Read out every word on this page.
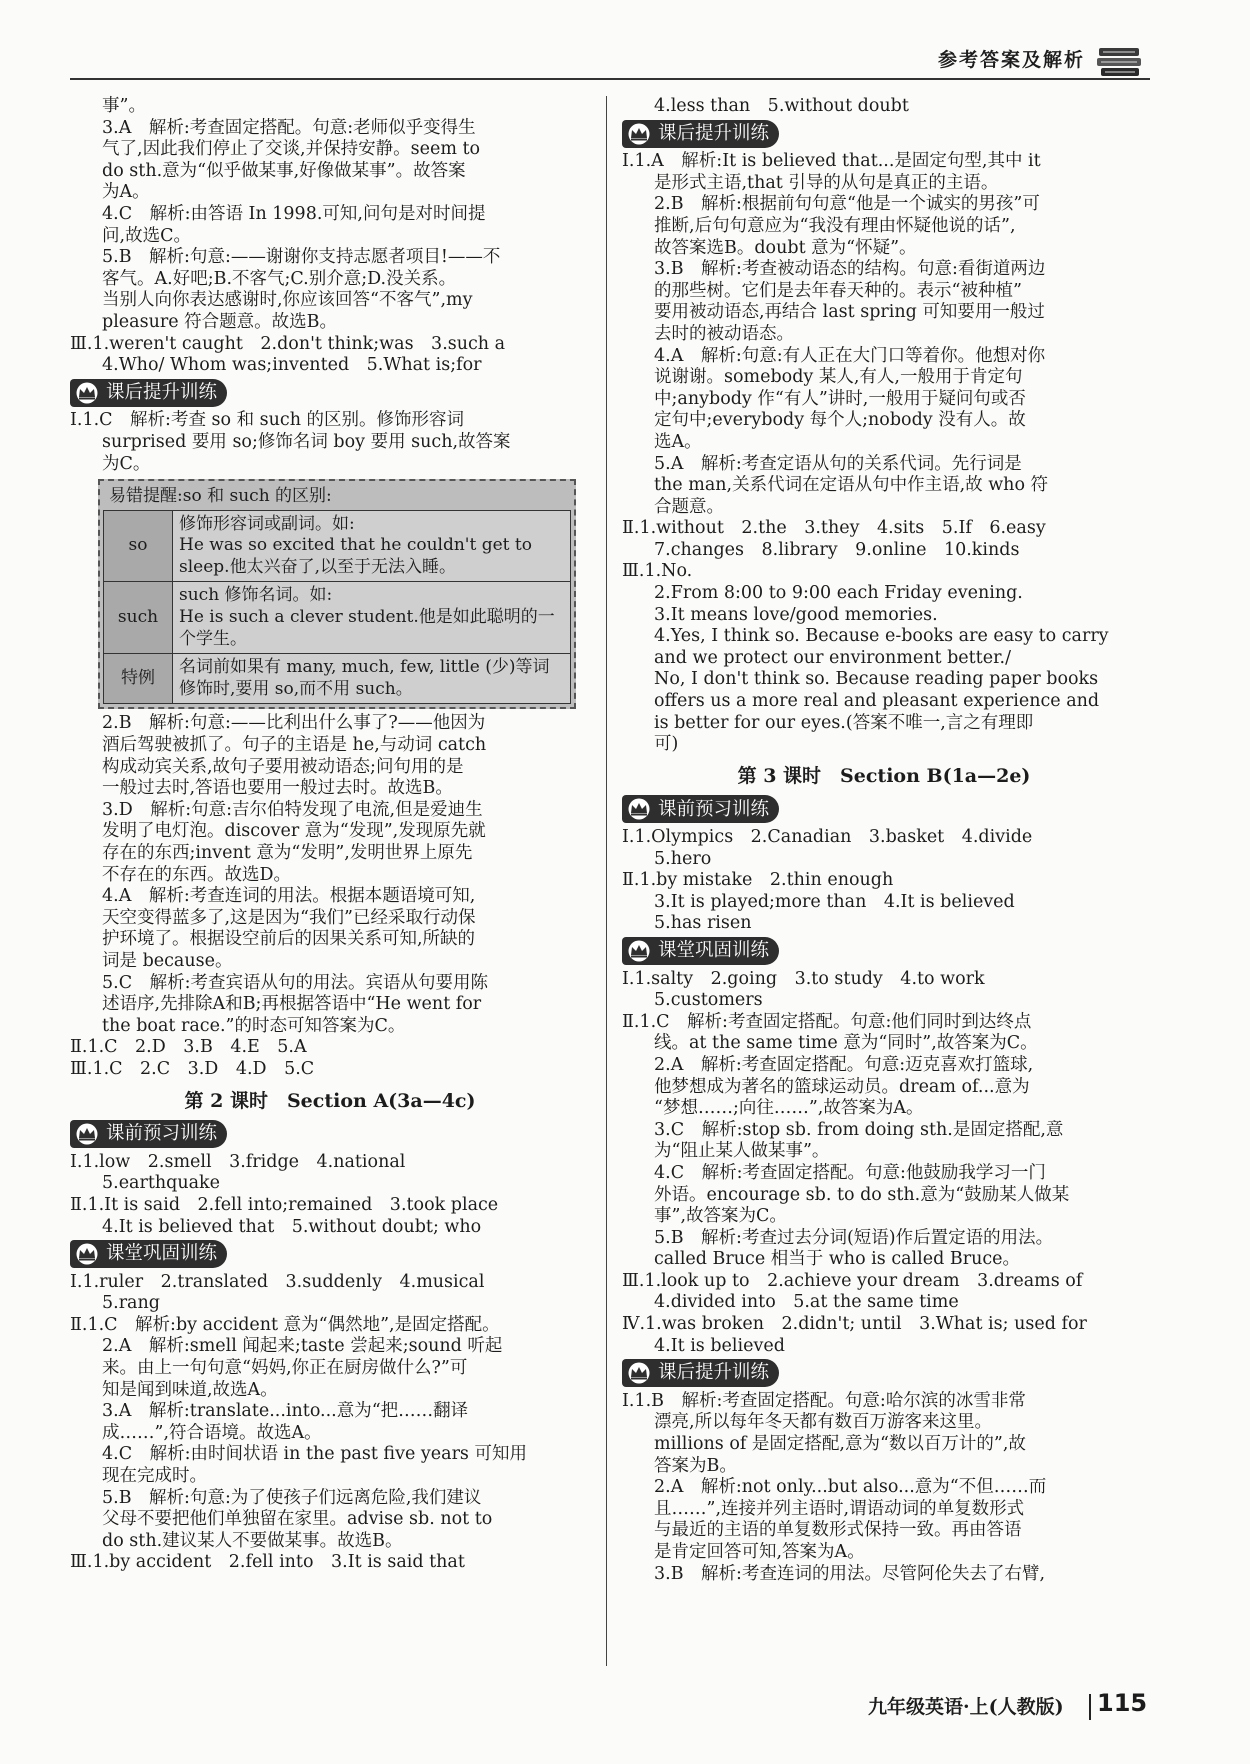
参考答案及解析
事”。
3.A　解析:考查固定搭配。句意:老师似乎变得生
气了,因此我们停止了交谈,并保持安静。seem to
do sth.意为“似乎做某事,好像做某事”。故答案
为A。
4.C　解析:由答语 In 1998.可知,问句是对时间提
问,故选C。
5.B　解析:句意:——谢谢你支持志愿者项目!——不
客气。A.好吧;B.不客气;C.别介意;D.没关系。
当别人向你表达感谢时,你应该回答“不客气”,my
pleasure 符合题意。故选B。
Ⅲ.1.weren't caught　2.don't think;was　3.such a
4.Who/ Whom was;invented　5.What is;for
课后提升训练
Ⅰ.1.C　解析:考查 so 和 such 的区别。修饰形容词
surprised 要用 so;修饰名词 boy 要用 such,故答案
为C。
易错提醒:so 和 such 的区别:
so	修饰形容词或副词。如:
He was so excited that he couldn't get to sleep.他太兴奋了,以至于无法入睡。
such	such 修饰名词。如:
He is such a clever student.他是如此聪明的一个学生。
特例	名词前如果有 many, much, few, little (少)等词修饰时,要用 so,而不用 such。
2.B　解析:句意:——比利出什么事了?——他因为
酒后驾驶被抓了。句子的主语是 he,与动词 catch
构成动宾关系,故句子要用被动语态;问句用的是
一般过去时,答语也要用一般过去时。故选B。
3.D　解析:句意:吉尔伯特发现了电流,但是爱迪生
发明了电灯泡。discover 意为“发现”,发现原先就
存在的东西;invent 意为“发明”,发明世界上原先
不存在的东西。故选D。
4.A　解析:考查连词的用法。根据本题语境可知,
天空变得蓝多了,这是因为“我们”已经采取行动保
护环境了。根据设空前后的因果关系可知,所缺的
词是 because。
5.C　解析:考查宾语从句的用法。宾语从句要用陈
述语序,先排除A和B;再根据答语中“He went for
the boat race.”的时态可知答案为C。
Ⅱ.1.C　2.D　3.B　4.E　5.A
Ⅲ.1.C　2.C　3.D　4.D　5.C
第 2 课时　Section A(3a—4c)
课前预习训练
Ⅰ.1.low　2.smell　3.fridge　4.national
5.earthquake
Ⅱ.1.It is said　2.fell into;remained　3.took place
4.It is believed that　5.without doubt; who
课堂巩固训练
Ⅰ.1.ruler　2.translated　3.suddenly　4.musical
5.rang
Ⅱ.1.C　解析:by accident 意为“偶然地”,是固定搭配。
2.A　解析:smell 闻起来;taste 尝起来;sound 听起
来。由上一句句意“妈妈,你正在厨房做什么?”可
知是闻到味道,故选A。
3.A　解析:translate...into...意为“把……翻译
成……”,符合语境。故选A。
4.C　解析:由时间状语 in the past five years 可知用
现在完成时。
5.B　解析:句意:为了使孩子们远离危险,我们建议
父母不要把他们单独留在家里。advise sb. not to
do sth.建议某人不要做某事。故选B。
Ⅲ.1.by accident　2.fell into　3.It is said that
4.less than　5.without doubt
课后提升训练
Ⅰ.1.A　解析:It is believed that...是固定句型,其中 it
是形式主语,that 引导的从句是真正的主语。
2.B　解析:根据前句句意“他是一个诚实的男孩”可
推断,后句句意应为“我没有理由怀疑他说的话”,
故答案选B。doubt 意为“怀疑”。
3.B　解析:考查被动语态的结构。句意:看街道两边
的那些树。它们是去年春天种的。表示“被种植”
要用被动语态,再结合 last spring 可知要用一般过
去时的被动语态。
4.A　解析:句意:有人正在大门口等着你。他想对你
说谢谢。somebody 某人,有人,一般用于肯定句
中;anybody 作“有人”讲时,一般用于疑问句或否
定句中;everybody 每个人;nobody 没有人。故
选A。
5.A　解析:考查定语从句的关系代词。先行词是
the man,关系代词在定语从句中作主语,故 who 符
合题意。
Ⅱ.1.without　2.the　3.they　4.sits　5.If　6.easy
7.changes　8.library　9.online　10.kinds
Ⅲ.1.No.
2.From 8:00 to 9:00 each Friday evening.
3.It means love/good memories.
4.Yes, I think so. Because e-books are easy to carry
and we protect our environment better./
No, I don't think so. Because reading paper books
offers us a more real and pleasant experience and
is better for our eyes.(答案不唯一,言之有理即
可)
第 3 课时　Section B(1a—2e)
课前预习训练
Ⅰ.1.Olympics　2.Canadian　3.basket　4.divide
5.hero
Ⅱ.1.by mistake　2.thin enough
3.It is played;more than　4.It is believed
5.has risen
课堂巩固训练
Ⅰ.1.salty　2.going　3.to study　4.to work
5.customers
Ⅱ.1.C　解析:考查固定搭配。句意:他们同时到达终点
线。at the same time 意为“同时”,故答案为C。
2.A　解析:考查固定搭配。句意:迈克喜欢打篮球,
他梦想成为著名的篮球运动员。dream of...意为
“梦想……;向往……”,故答案为A。
3.C　解析:stop sb. from doing sth.是固定搭配,意
为“阻止某人做某事”。
4.C　解析:考查固定搭配。句意:他鼓励我学习一门
外语。encourage sb. to do sth.意为“鼓励某人做某
事”,故答案为C。
5.B　解析:考查过去分词(短语)作后置定语的用法。
called Bruce 相当于 who is called Bruce。
Ⅲ.1.look up to　2.achieve your dream　3.dreams of
4.divided into　5.at the same time
Ⅳ.1.was broken　2.didn't; until　3.What is; used for
4.It is believed
课后提升训练
Ⅰ.1.B　解析:考查固定搭配。句意:哈尔滨的冰雪非常
漂亮,所以每年冬天都有数百万游客来这里。
millions of 是固定搭配,意为“数以百万计的”,故
答案为B。
2.A　解析:not only...but also...意为“不但……而
且……”,连接并列主语时,谓语动词的单复数形式
与最近的主语的单复数形式保持一致。再由答语
是肯定回答可知,答案为A。
3.B　解析:考查连词的用法。尽管阿伦失去了右臂,
九年级英语·上(人教版) 115
